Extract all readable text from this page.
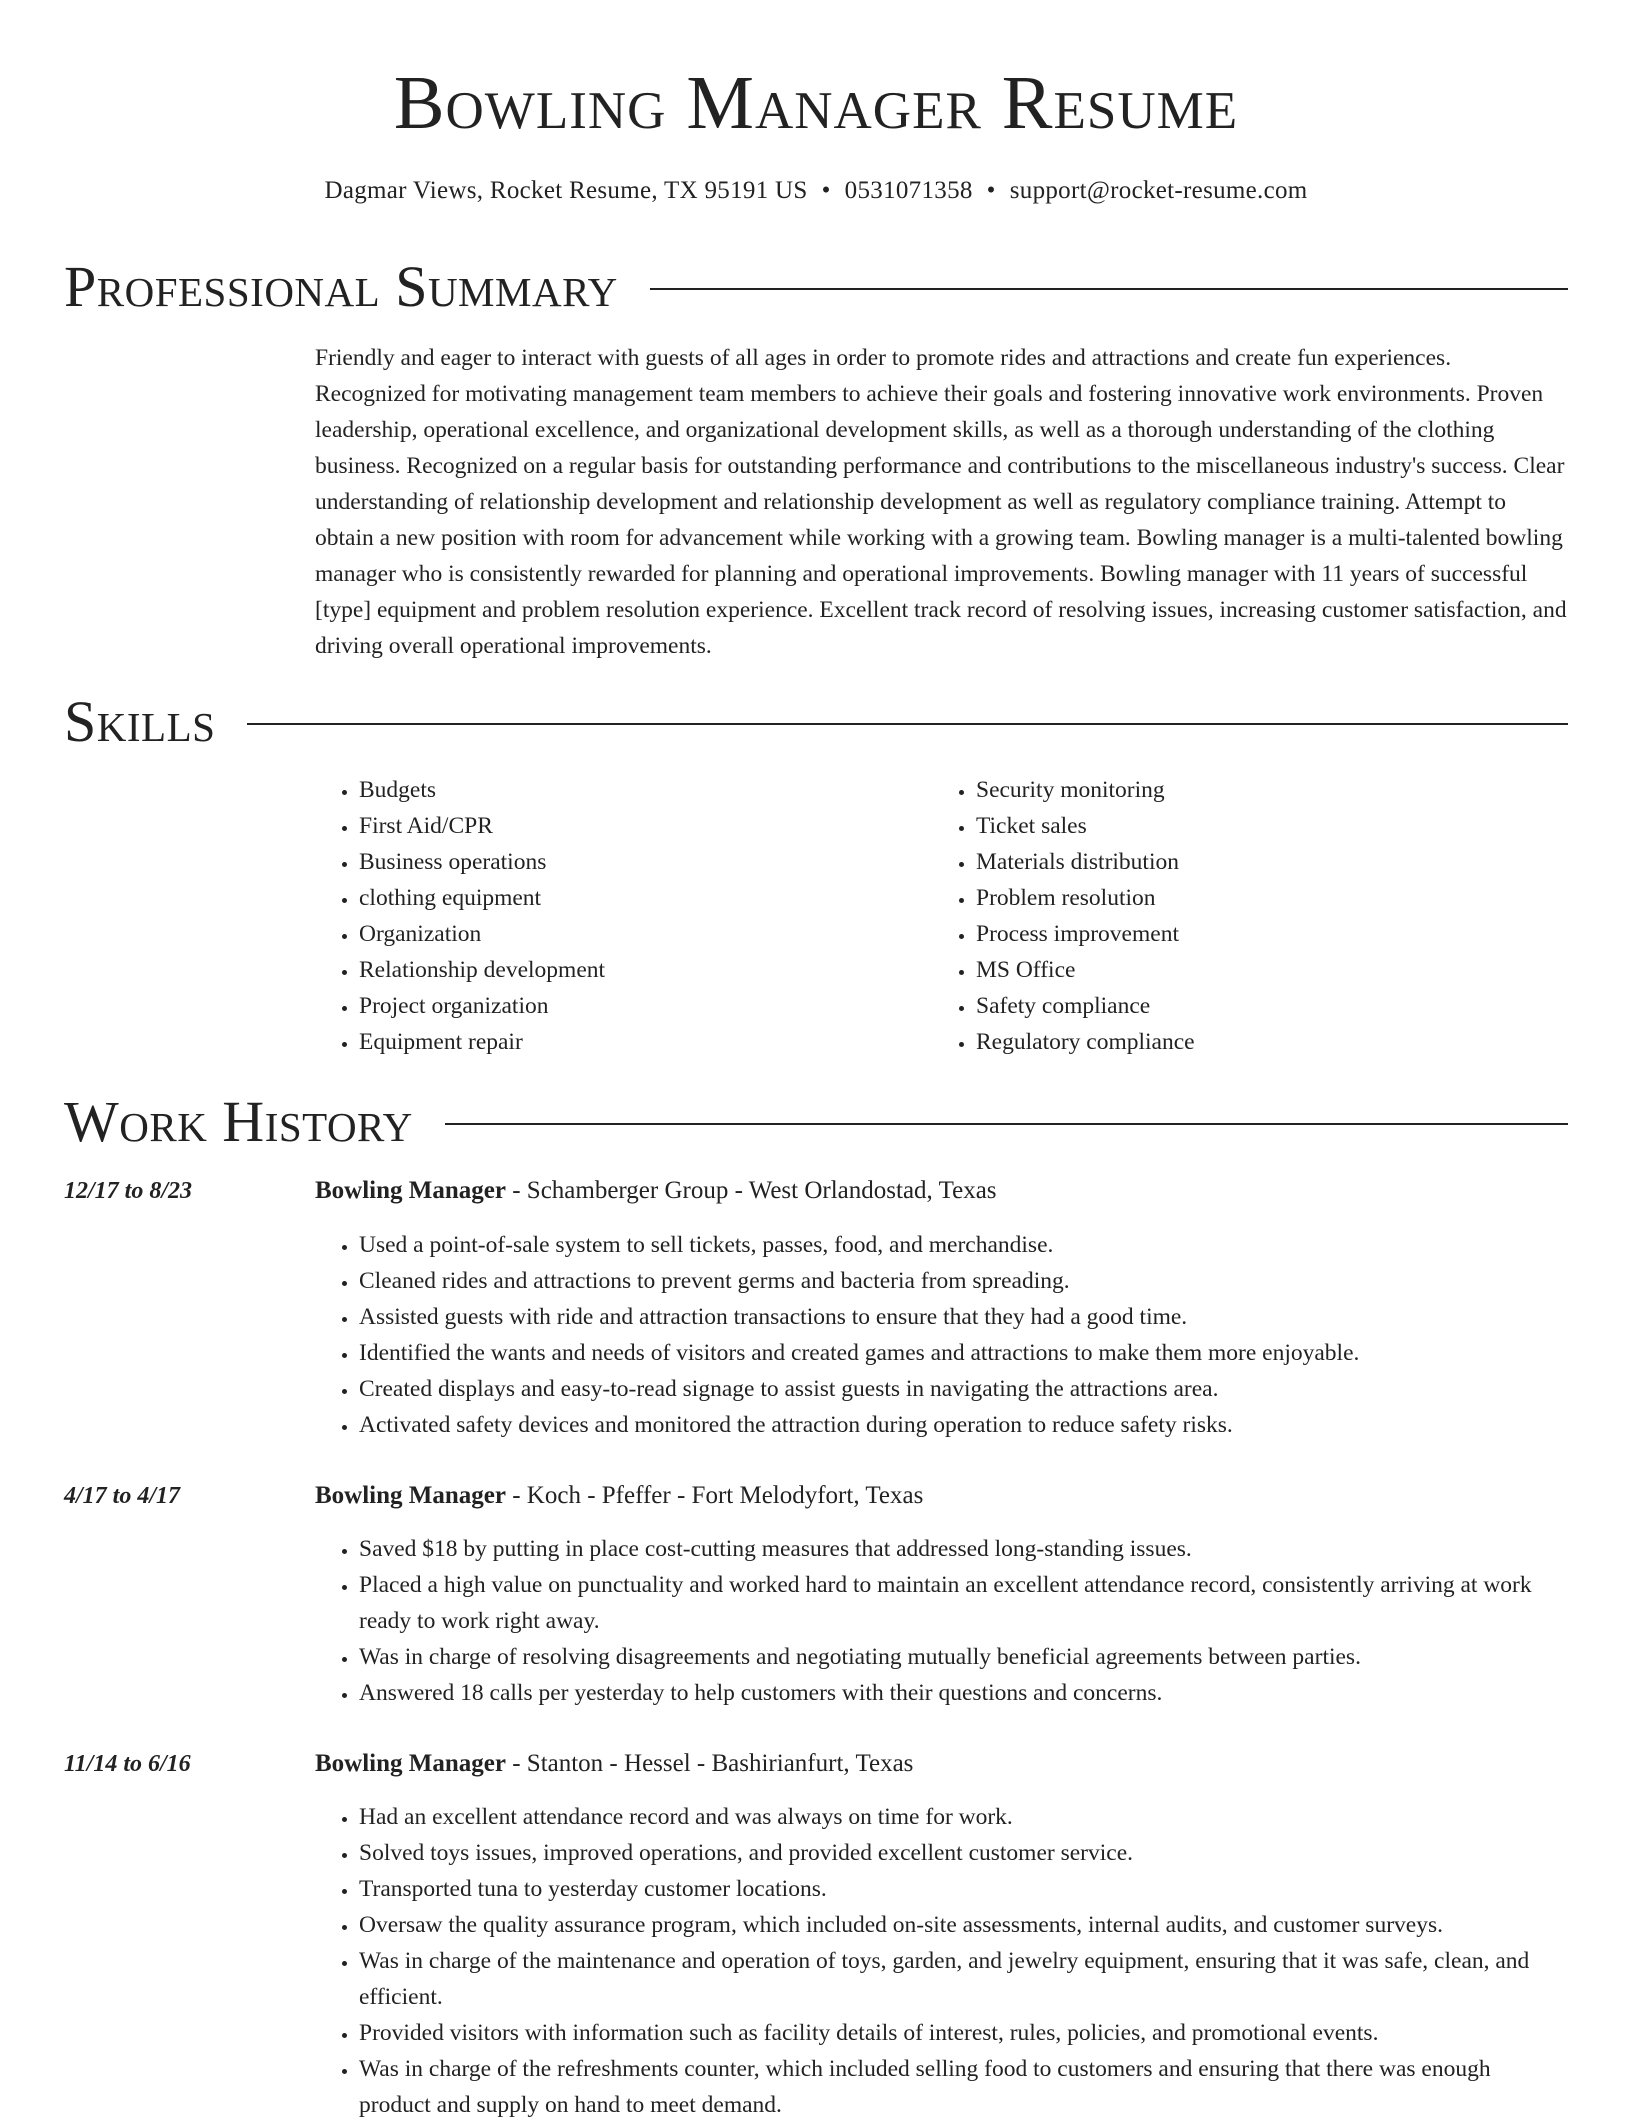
Bowling Manager Resume
Dagmar Views, Rocket Resume, TX 95191 US • 0531071358 • support@rocket-resume.com
Professional Summary

Friendly and eager to interact with guests of all ages in order to promote rides and attractions and create fun experiences. Recognized for motivating management team members to achieve their goals and fostering innovative work environments. Proven leadership, operational excellence, and organizational development skills, as well as a thorough understanding of the clothing business. Recognized on a regular basis for outstanding performance and contributions to the miscellaneous industry's success. Clear understanding of relationship development and relationship development as well as regulatory compliance training. Attempt to obtain a new position with room for advancement while working with a growing team. Bowling manager is a multi-talented bowling manager who is consistently rewarded for planning and operational improvements. Bowling manager with 11 years of successful [type] equipment and problem resolution experience. Excellent track record of resolving issues, increasing customer satisfaction, and driving overall operational improvements.

Skills
• Budgets
• First Aid/CPR
• Business operations
• clothing equipment
• Organization
• Relationship development
• Project organization
• Equipment repair
• Security monitoring
• Ticket sales
• Materials distribution
• Problem resolution
• Process improvement
• MS Office
• Safety compliance
• Regulatory compliance
Work History
12/17 to 8/23	Bowling Manager - Schamberger Group - West Orlandostad, Texas
• Used a point-of-sale system to sell tickets, passes, food, and merchandise.
• Cleaned rides and attractions to prevent germs and bacteria from spreading.
• Assisted guests with ride and attraction transactions to ensure that they had a good time.
• Identified the wants and needs of visitors and created games and attractions to make them more enjoyable.
• Created displays and easy-to-read signage to assist guests in navigating the attractions area.
• Activated safety devices and monitored the attraction during operation to reduce safety risks.
4/17 to 4/17	Bowling Manager - Koch - Pfeffer - Fort Melodyfort, Texas
• Saved $18 by putting in place cost-cutting measures that addressed long-standing issues.
• Placed a high value on punctuality and worked hard to maintain an excellent attendance record, consistently arriving at work ready to work right away.
• Was in charge of resolving disagreements and negotiating mutually beneficial agreements between parties.
• Answered 18 calls per yesterday to help customers with their questions and concerns.
11/14 to 6/16	Bowling Manager - Stanton - Hessel - Bashirianfurt, Texas
• Had an excellent attendance record and was always on time for work.
• Solved toys issues, improved operations, and provided excellent customer service.
• Transported tuna to yesterday customer locations.
• Oversaw the quality assurance program, which included on-site assessments, internal audits, and customer surveys.
• Was in charge of the maintenance and operation of toys, garden, and jewelry equipment, ensuring that it was safe, clean, and efficient.
• Provided visitors with information such as facility details of interest, rules, policies, and promotional events.
• Was in charge of the refreshments counter, which included selling food to customers and ensuring that there was enough product and supply on hand to meet demand.
